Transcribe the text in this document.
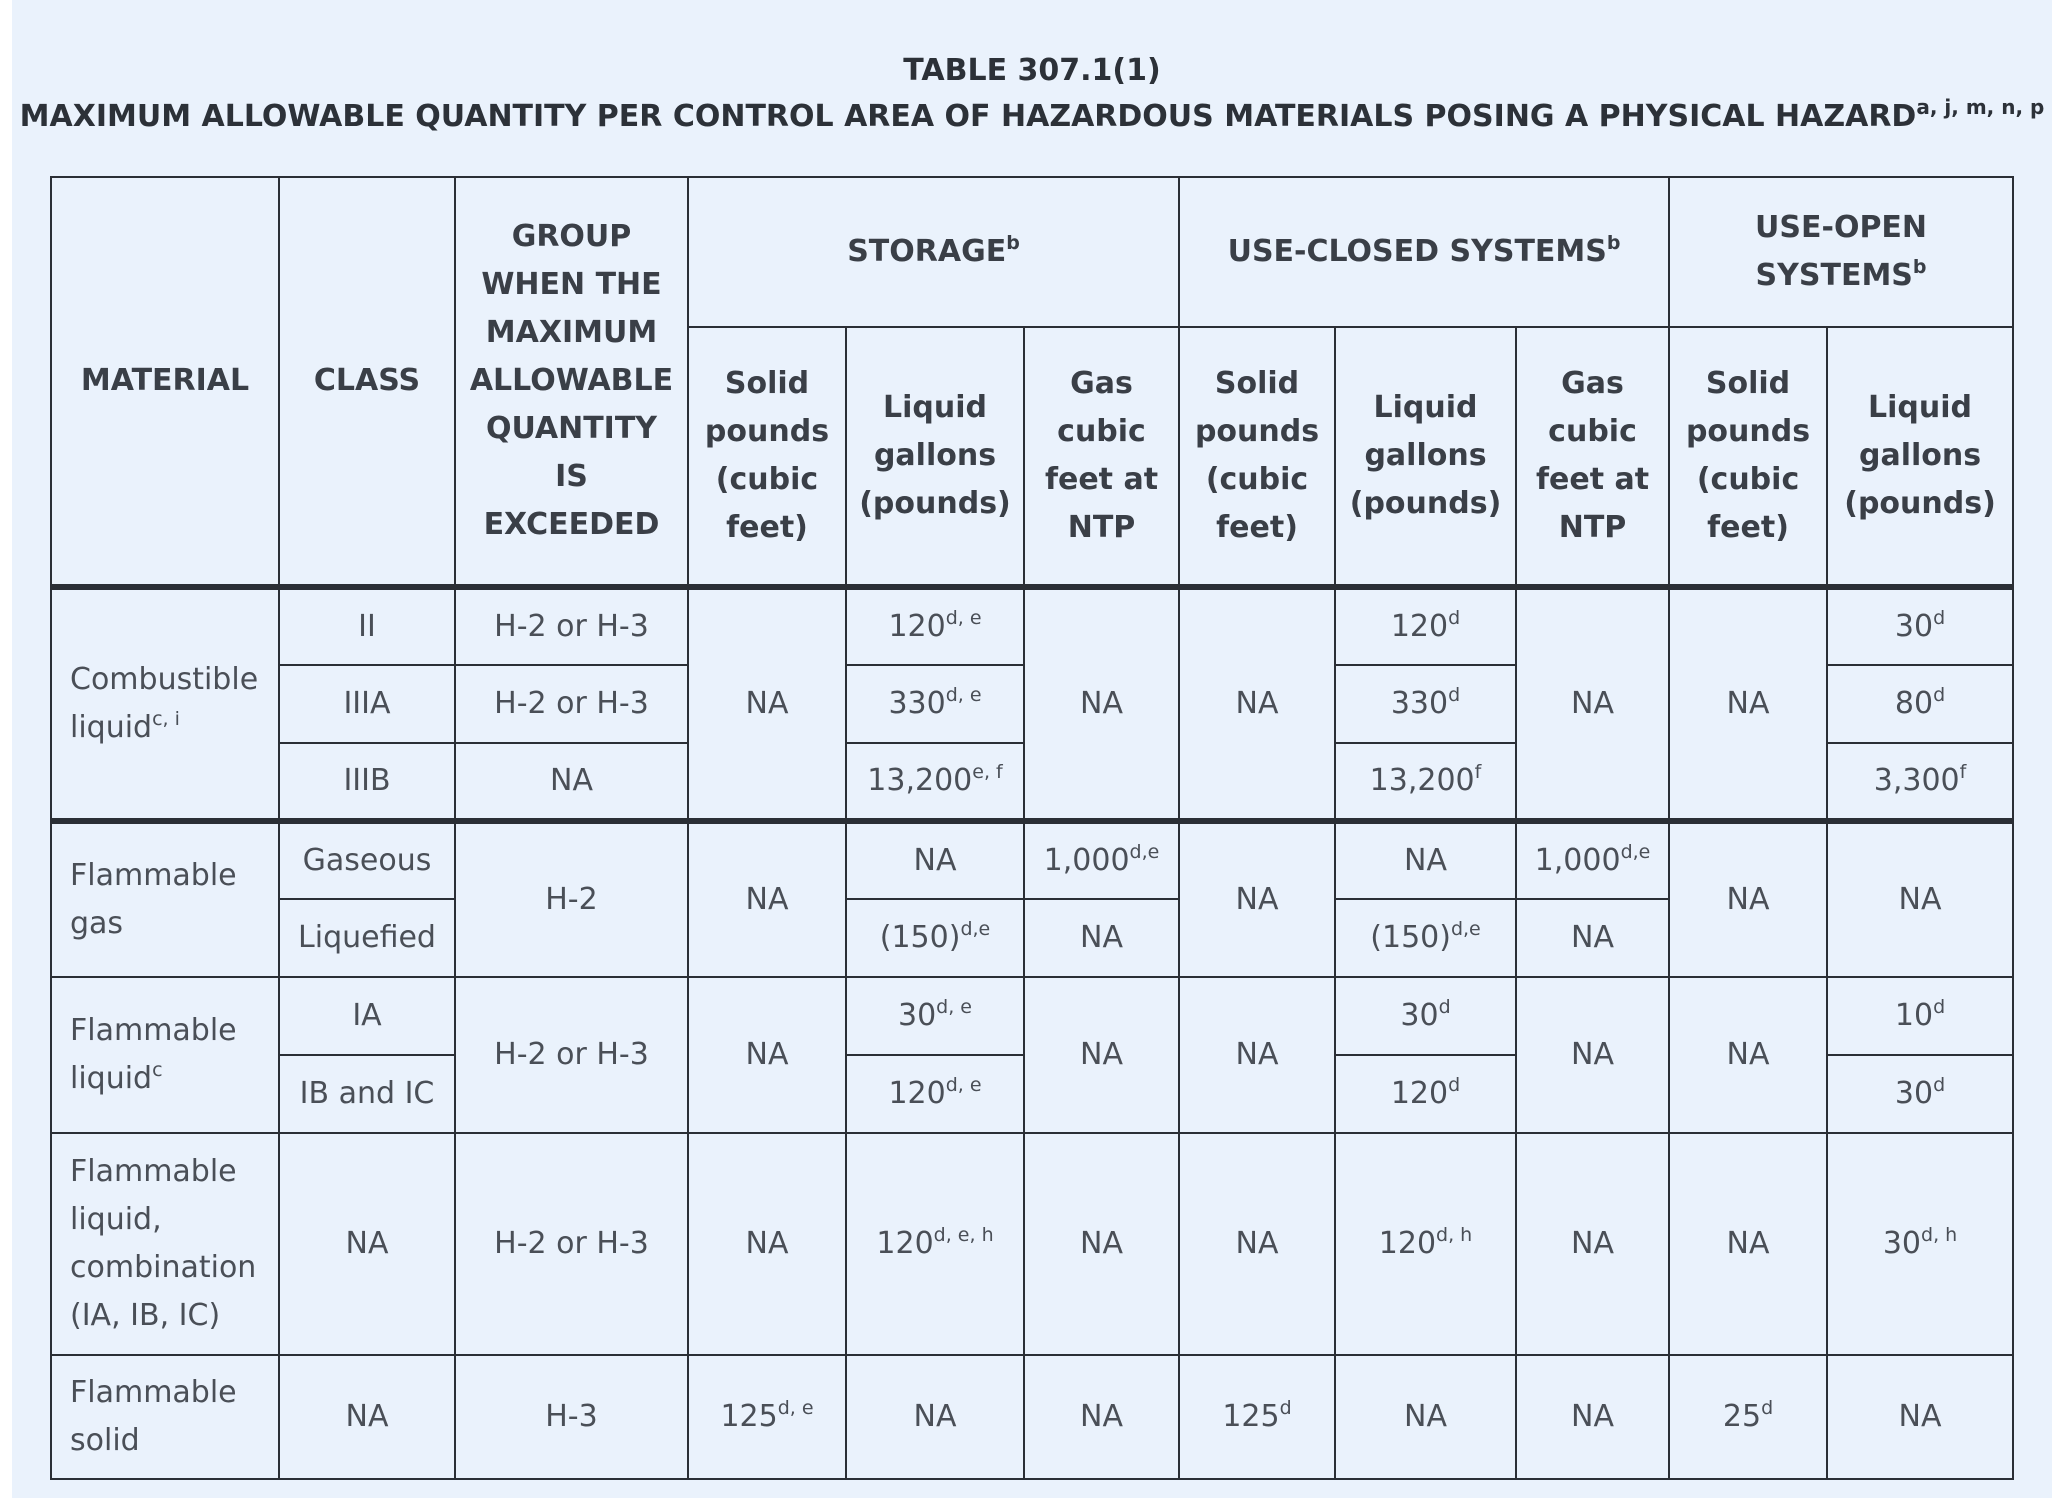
TABLE 307.1(1)
MAXIMUM ALLOWABLE QUANTITY PER CONTROL AREA OF HAZARDOUS MATERIALS POSING A PHYSICAL HAZARD$^{a, j, m, n, p}$
MATERIAL	CLASS	GROUP WHEN THE MAXIMUM ALLOWABLE QUANTITY IS EXCEEDED	STORAGE$^b$			USE-CLOSED SYSTEMS$^b$			USE-OPEN SYSTEMS$^b$
			Solid pounds (cubic feet)	Liquid gallons (pounds)	Gas cubic feet at NTP	Solid pounds (cubic feet)	Liquid gallons (pounds)	Gas cubic feet at NTP	Solid pounds (cubic feet)	Liquid gallons (pounds)
Combustible liquid$^{c, i}$	II	H-2 or H-3	NA	120$^{d, e}$	NA	NA	120$^d$	NA	NA	30$^d$
	IIIA	H-2 or H-3		330$^{d, e}$			330$^d$			80$^d$
	IIIB	NA		13,200$^{e, f}$			13,200$^f$			3,300$^f$
Flammable gas	Gaseous	H-2	NA	NA	1,000$^{d,e}$	NA	NA	1,000$^{d,e}$	NA	NA
	Liquefied			(150)$^{d,e}$	NA		(150)$^{d,e}$	NA		
Flammable liquid$^c$	IA	H-2 or H-3	NA	30$^{d, e}$	NA	NA	30$^d$	NA	NA	10$^d$
	IB and IC			120$^{d, e}$			120$^d$			30$^d$
Flammable liquid, combination (IA, IB, IC)	NA	H-2 or H-3	NA	120$^{d, e, h}$	NA	NA	120$^{d, h}$	NA	NA	30$^{d, h}$
Flammable solid	NA	H-3	125$^{d, e}$	NA	NA	125$^d$	NA	NA	25$^d$	NA
